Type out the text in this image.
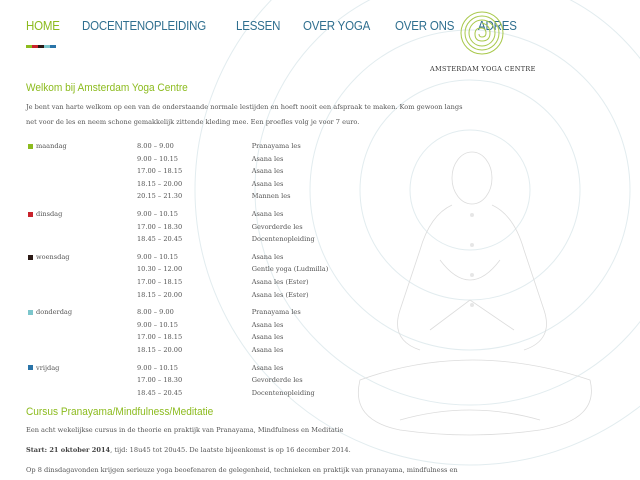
HOME DOCENTENOPLEIDING LESSEN OVER YOGA OVER ONS ADRES
AMSTERDAM YOGA CENTRE
Welkom bij Amsterdam Yoga Centre
Je bent van harte welkom op een van de onderstaande normale lestijden en hoeft nooit een afspraak te maken. Kom gewoon langs
net voor de les en neem schone gemakkelijk zittende kleding mee. Een proefles volg je voor 7 euro.
maandag	8.00 – 9.00	Pranayama les
9.00 – 10.15	Asana les
17.00 – 18.15	Asana les
18.15 – 20.00	Asana les
20.15 – 21.30	Mannen les
dinsdag	9.00 – 10.15	Asana les
17.00 – 18.30	Gevorderde les
18.45 – 20.45	Docentenopleiding
woensdag	9.00 – 10.15	Asana les
10.30 – 12.00	Gentle yoga (Ludmilla)
17.00 – 18.15	Asana les (Ester)
18.15 – 20.00	Asana les (Ester)
donderdag	8.00 – 9.00	Pranayama les
9.00 – 10.15	Asana les
17.00 – 18.15	Asana les
18.15 – 20.00	Asana les
vrijdag	9.00 – 10.15	Asana les
17.00 – 18.30	Gevorderde les
18.45 – 20.45	Docentenopleiding
Cursus Pranayama/Mindfulness/Meditatie
Een acht wekelijkse cursus in de theorie en praktijk van Pranayama, Mindfulness en Meditatie
Start: 21 oktober 2014, tijd: 18u45 tot 20u45. De laatste bijeenkomst is op 16 december 2014.
Op 8 dinsdagavonden krijgen serieuze yoga beoefenaren de gelegenheid, technieken en praktijk van pranayama, mindfulness en
